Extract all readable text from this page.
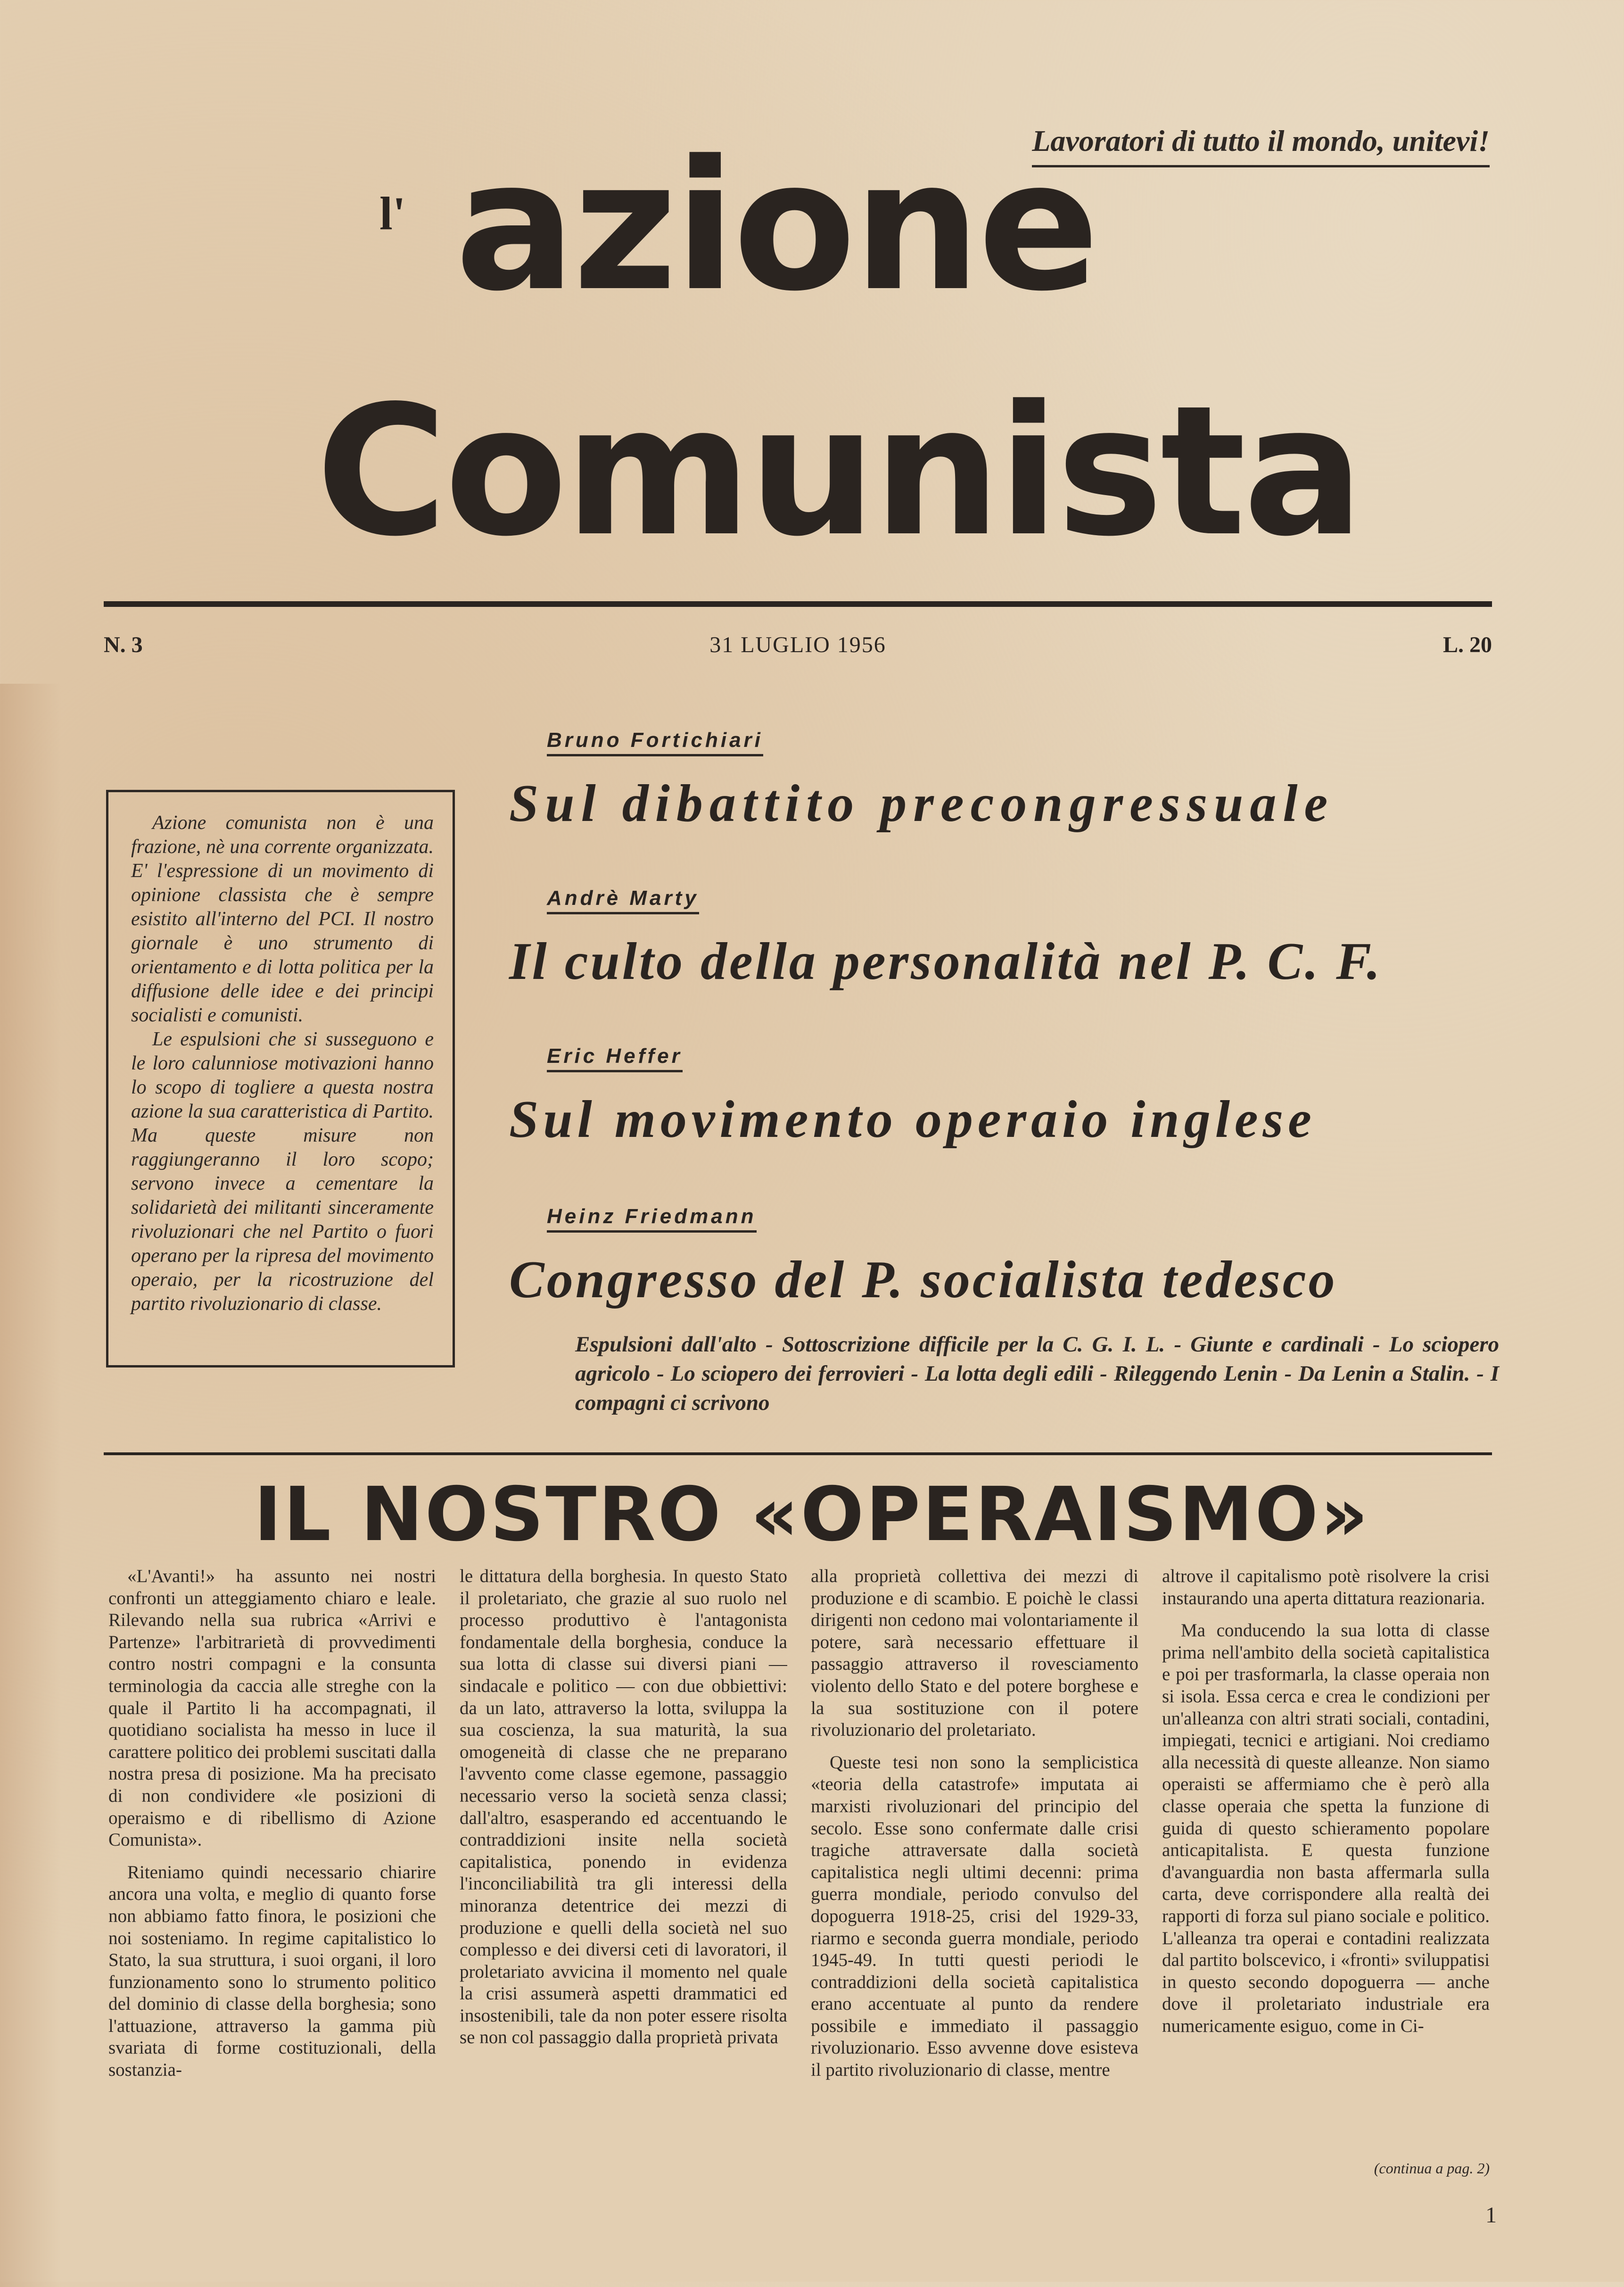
Lavoratori di tutto il mondo, unitevi!
l' azione
Comunista
N. 3	31 LUGLIO 1956	L. 20

Azione comunista non è una frazione, nè una corrente organizzata. E' l'espressione di un movimento di opinione classista che è sempre esistito all'interno del PCI. Il nostro giornale è uno strumento di orientamento e di lotta politica per la diffusione delle idee e dei principi socialisti e comunisti.

Le espulsioni che si susseguono e le loro calunniose motivazioni hanno lo scopo di togliere a questa nostra azione la sua caratteristica di Partito. Ma queste misure non raggiungeranno il loro scopo; servono invece a cementare la solidarietà dei militanti sinceramente rivoluzionari che nel Partito o fuori operano per la ripresa del movimento operaio, per la ricostruzione del partito rivoluzionario di classe.

Bruno Fortichiari
Sul dibattito precongressuale
Andrè Marty
Il culto della personalità nel P. C. F.
Eric Heffer
Sul movimento operaio inglese
Heinz Friedmann
Congresso del P. socialista tedesco
Espulsioni dall'alto - Sottoscrizione difficile per la C. G. I. L. - Giunte e cardinali - Lo sciopero agricolo - Lo sciopero dei ferrovieri - La lotta degli edili - Rileggendo Lenin - Da Lenin a Stalin. - I compagni ci scrivono
IL NOSTRO «OPERAISMO»

«L'Avanti!» ha assunto nei nostri confronti un atteggiamento chiaro e leale. Rilevando nella sua rubrica «Arrivi e Partenze» l'arbitrarietà di provvedimenti contro nostri compagni e la consunta terminologia da caccia alle streghe con la quale il Partito li ha accompagnati, il quotidiano socialista ha messo in luce il carattere politico dei problemi suscitati dalla nostra presa di posizione. Ma ha precisato di non condividere «le posizioni di operaismo e di ribellismo di Azione Comunista».

Riteniamo quindi necessario chiarire ancora una volta, e meglio di quanto forse non abbiamo fatto finora, le posizioni che noi sosteniamo. In regime capitalistico lo Stato, la sua struttura, i suoi organi, il loro funzionamento sono lo strumento politico del dominio di classe della borghesia; sono l'attuazione, attraverso la gamma più svariata di forme costituzionali, della sostanzia-

le dittatura della borghesia. In questo Stato il proletariato, che grazie al suo ruolo nel processo produttivo è l'antagonista fondamentale della borghesia, conduce la sua lotta di classe sui diversi piani — sindacale e politico — con due obbiettivi: da un lato, attraverso la lotta, sviluppa la sua coscienza, la sua maturità, la sua omogeneità di classe che ne preparano l'avvento come classe egemone, passaggio necessario verso la società senza classi; dall'altro, esasperando ed accentuando le contraddizioni insite nella società capitalistica, ponendo in evidenza l'inconciliabilità tra gli interessi della minoranza detentrice dei mezzi di produzione e quelli della società nel suo complesso e dei diversi ceti di lavoratori, il proletariato avvicina il momento nel quale la crisi assumerà aspetti drammatici ed insostenibili, tale da non poter essere risolta se non col passaggio dalla proprietà privata

alla proprietà collettiva dei mezzi di produzione e di scambio. E poichè le classi dirigenti non cedono mai volontariamente il potere, sarà necessario effettuare il passaggio attraverso il rovesciamento violento dello Stato e del potere borghese e la sua sostituzione con il potere rivoluzionario del proletariato.

Queste tesi non sono la semplicistica «teoria della catastrofe» imputata ai marxisti rivoluzionari del principio del secolo. Esse sono confermate dalle crisi tragiche attraversate dalla società capitalistica negli ultimi decenni: prima guerra mondiale, periodo convulso del dopoguerra 1918-25, crisi del 1929-33, riarmo e seconda guerra mondiale, periodo 1945-49. In tutti questi periodi le contraddizioni della società capitalistica erano accentuate al punto da rendere possibile e immediato il passaggio rivoluzionario. Esso avvenne dove esisteva il partito rivoluzionario di classe, mentre

altrove il capitalismo potè risolvere la crisi instaurando una aperta dittatura reazionaria.

Ma conducendo la sua lotta di classe prima nell'ambito della società capitalistica e poi per trasformarla, la classe operaia non si isola. Essa cerca e crea le condizioni per un'alleanza con altri strati sociali, contadini, impiegati, tecnici e artigiani. Noi crediamo alla necessità di queste alleanze. Non siamo operaisti se affermiamo che è però alla classe operaia che spetta la funzione di guida di questo schieramento popolare anticapitalista. E questa funzione d'avanguardia non basta affermarla sulla carta, deve corrispondere alla realtà dei rapporti di forza sul piano sociale e politico. L'alleanza tra operai e contadini realizzata dal partito bolscevico, i «fronti» sviluppatisi in questo secondo dopoguerra — anche dove il proletariato industriale era numericamente esiguo, come in Ci-

(continua a pag. 2)
1
